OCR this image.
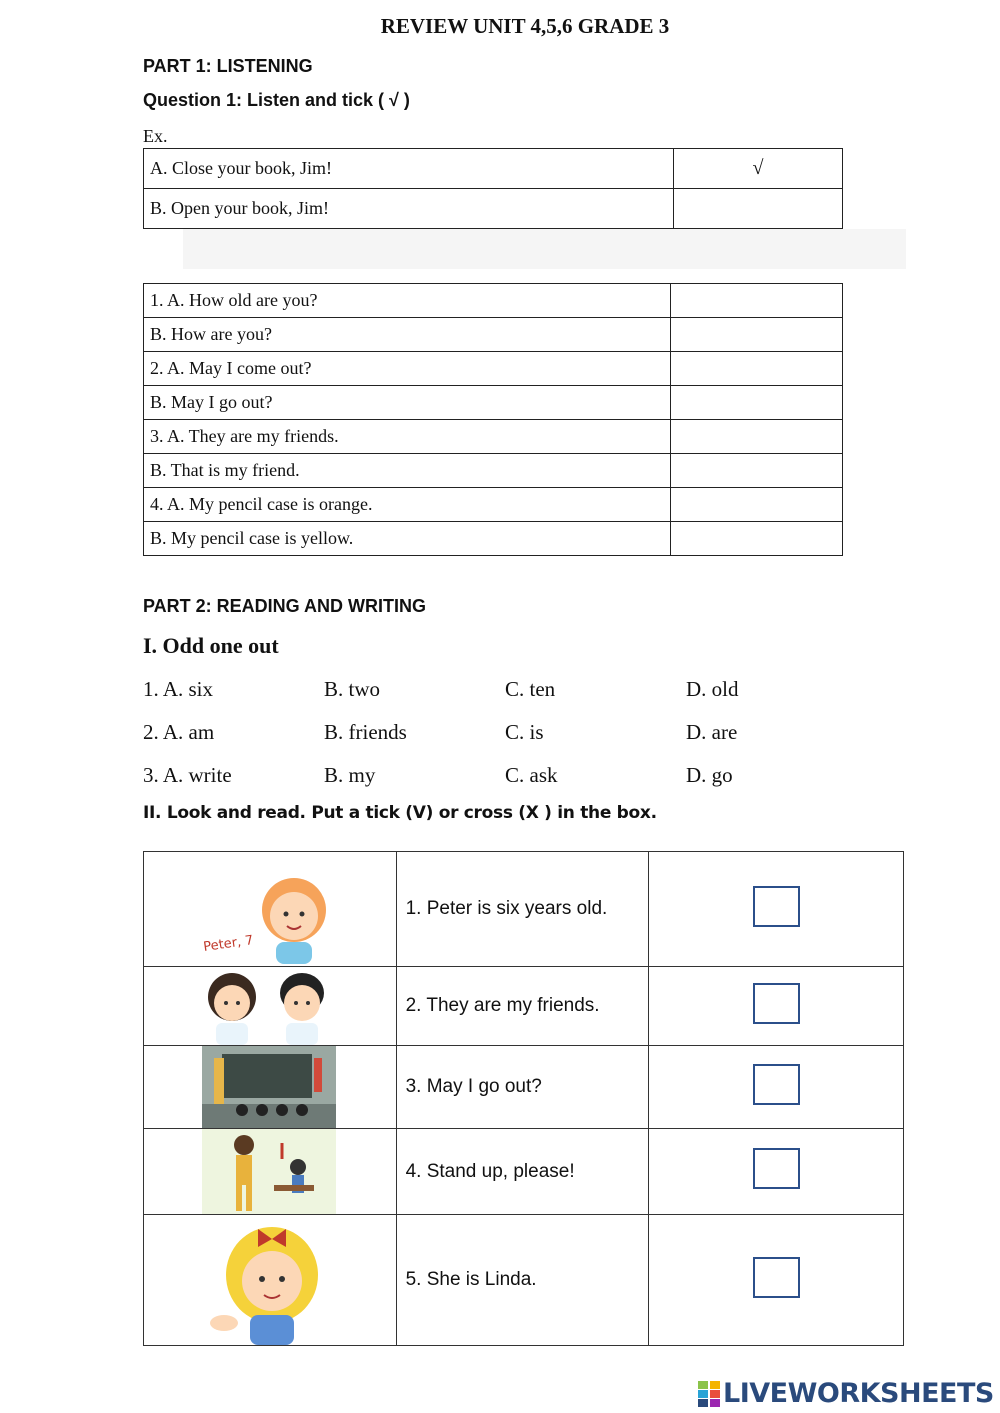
REVIEW UNIT 4,5,6 GRADE 3
PART 1: LISTENING
Question 1: Listen and tick ( √ )
Ex.
A. Close your book, Jim!	√
B. Open your book, Jim!	
1. A. How old are you?	
B. How are you?	
2. A. May I come out?	
B. May I go out?	
3. A. They are my friends.	
B. That is my friend.	
4. A. My pencil case is orange.	
B. My pencil case is yellow.	
PART 2: READING AND WRITING
I. Odd one out
1. A. six	B. two	C. ten	D. old
2. A. am	B. friends	C. is	D. are
3. A. write	B. my	C. ask	D. go
II. Look and read. Put a tick (V) or cross (X ) in the box.
Peter, 7	1. Peter is six years old.	

	2. They are my friends.	

	3. May I go out?	

	4. Stand up, please!	

	5. She is Linda.	
LIVEWORKSHEETS
